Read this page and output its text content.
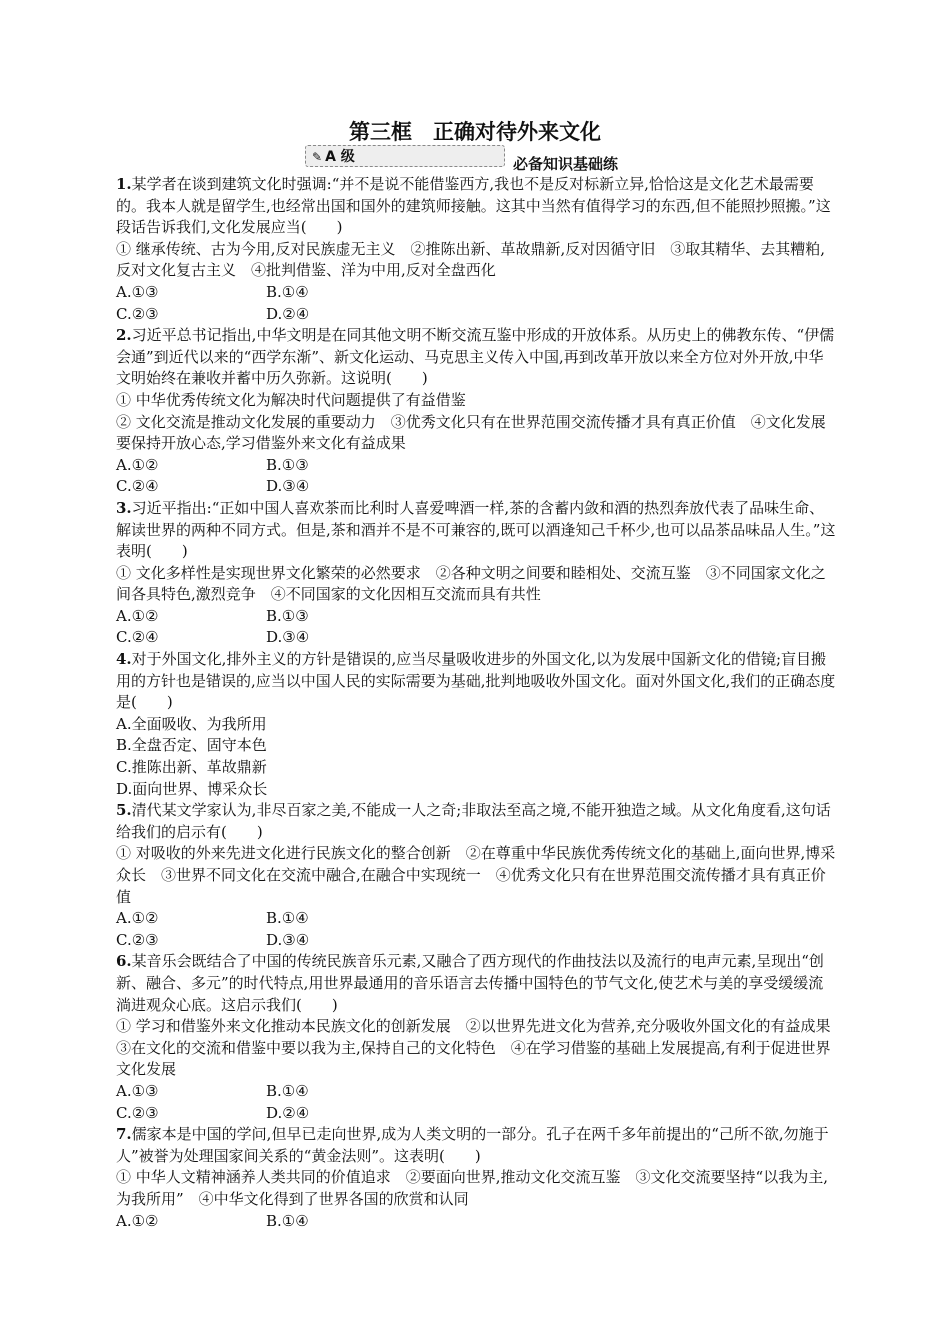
第三框　正确对待外来文化
✎ A 级	必备知识基础练

1.某学者在谈到建筑文化时强调:“并不是说不能借鉴西方,我也不是反对标新立异,恰恰这是文化艺术最需要的。我本人就是留学生,也经常出国和国外的建筑师接触。这其中当然有值得学习的东西,但不能照抄照搬。”这段话告诉我们,文化发展应当(　　)

① 继承传统、古为今用,反对民族虚无主义　②推陈出新、革故鼎新,反对因循守旧　③取其精华、去其糟粕,反对文化复古主义　④批判借鉴、洋为中用,反对全盘西化

A.①③	B.①④
C.②③	D.②④

2.习近平总书记指出,中华文明是在同其他文明不断交流互鉴中形成的开放体系。从历史上的佛教东传、“伊儒会通”到近代以来的“西学东渐”、新文化运动、马克思主义传入中国,再到改革开放以来全方位对外开放,中华文明始终在兼收并蓄中历久弥新。这说明(　　)

① 中华优秀传统文化为解决时代问题提供了有益借鉴
② 文化交流是推动文化发展的重要动力　③优秀文化只有在世界范围交流传播才具有真正价值　④文化发展要保持开放心态,学习借鉴外来文化有益成果

A.①②	B.①③
C.②④	D.③④

3.习近平指出:“正如中国人喜欢茶而比利时人喜爱啤酒一样,茶的含蓄内敛和酒的热烈奔放代表了品味生命、解读世界的两种不同方式。但是,茶和酒并不是不可兼容的,既可以酒逢知己千杯少,也可以品茶品味品人生。”这表明(　　)

① 文化多样性是实现世界文化繁荣的必然要求　②各种文明之间要和睦相处、交流互鉴　③不同国家文化之间各具特色,激烈竞争　④不同国家的文化因相互交流而具有共性

A.①②	B.①③
C.②④	D.③④

4.对于外国文化,排外主义的方针是错误的,应当尽量吸收进步的外国文化,以为发展中国新文化的借镜;盲目搬用的方针也是错误的,应当以中国人民的实际需要为基础,批判地吸收外国文化。面对外国文化,我们的正确态度是(　　)

A.全面吸收、为我所用
B.全盘否定、固守本色
C.推陈出新、革故鼎新
D.面向世界、博采众长

5.清代某文学家认为,非尽百家之美,不能成一人之奇;非取法至高之境,不能开独造之域。从文化角度看,这句话给我们的启示有(　　)

① 对吸收的外来先进文化进行民族文化的整合创新　②在尊重中华民族优秀传统文化的基础上,面向世界,博采众长　③世界不同文化在交流中融合,在融合中实现统一　④优秀文化只有在世界范围交流传播才具有真正价值

A.①②	B.①④
C.②③	D.③④

6.某音乐会既结合了中国的传统民族音乐元素,又融合了西方现代的作曲技法以及流行的电声元素,呈现出“创新、融合、多元”的时代特点,用世界最通用的音乐语言去传播中国特色的节气文化,使艺术与美的享受缓缓流淌进观众心底。这启示我们(　　)

① 学习和借鉴外来文化推动本民族文化的创新发展　②以世界先进文化为营养,充分吸收外国文化的有益成果　③在文化的交流和借鉴中要以我为主,保持自己的文化特色　④在学习借鉴的基础上发展提高,有利于促进世界文化发展

A.①③	B.①④
C.②③	D.②④

7.儒家本是中国的学问,但早已走向世界,成为人类文明的一部分。孔子在两千多年前提出的“己所不欲,勿施于人”被誉为处理国家间关系的“黄金法则”。这表明(　　)

① 中华人文精神涵养人类共同的价值追求　②要面向世界,推动文化交流互鉴　③文化交流要坚持“以我为主,为我所用”　④中华文化得到了世界各国的欣赏和认同

A.①②	B.①④
